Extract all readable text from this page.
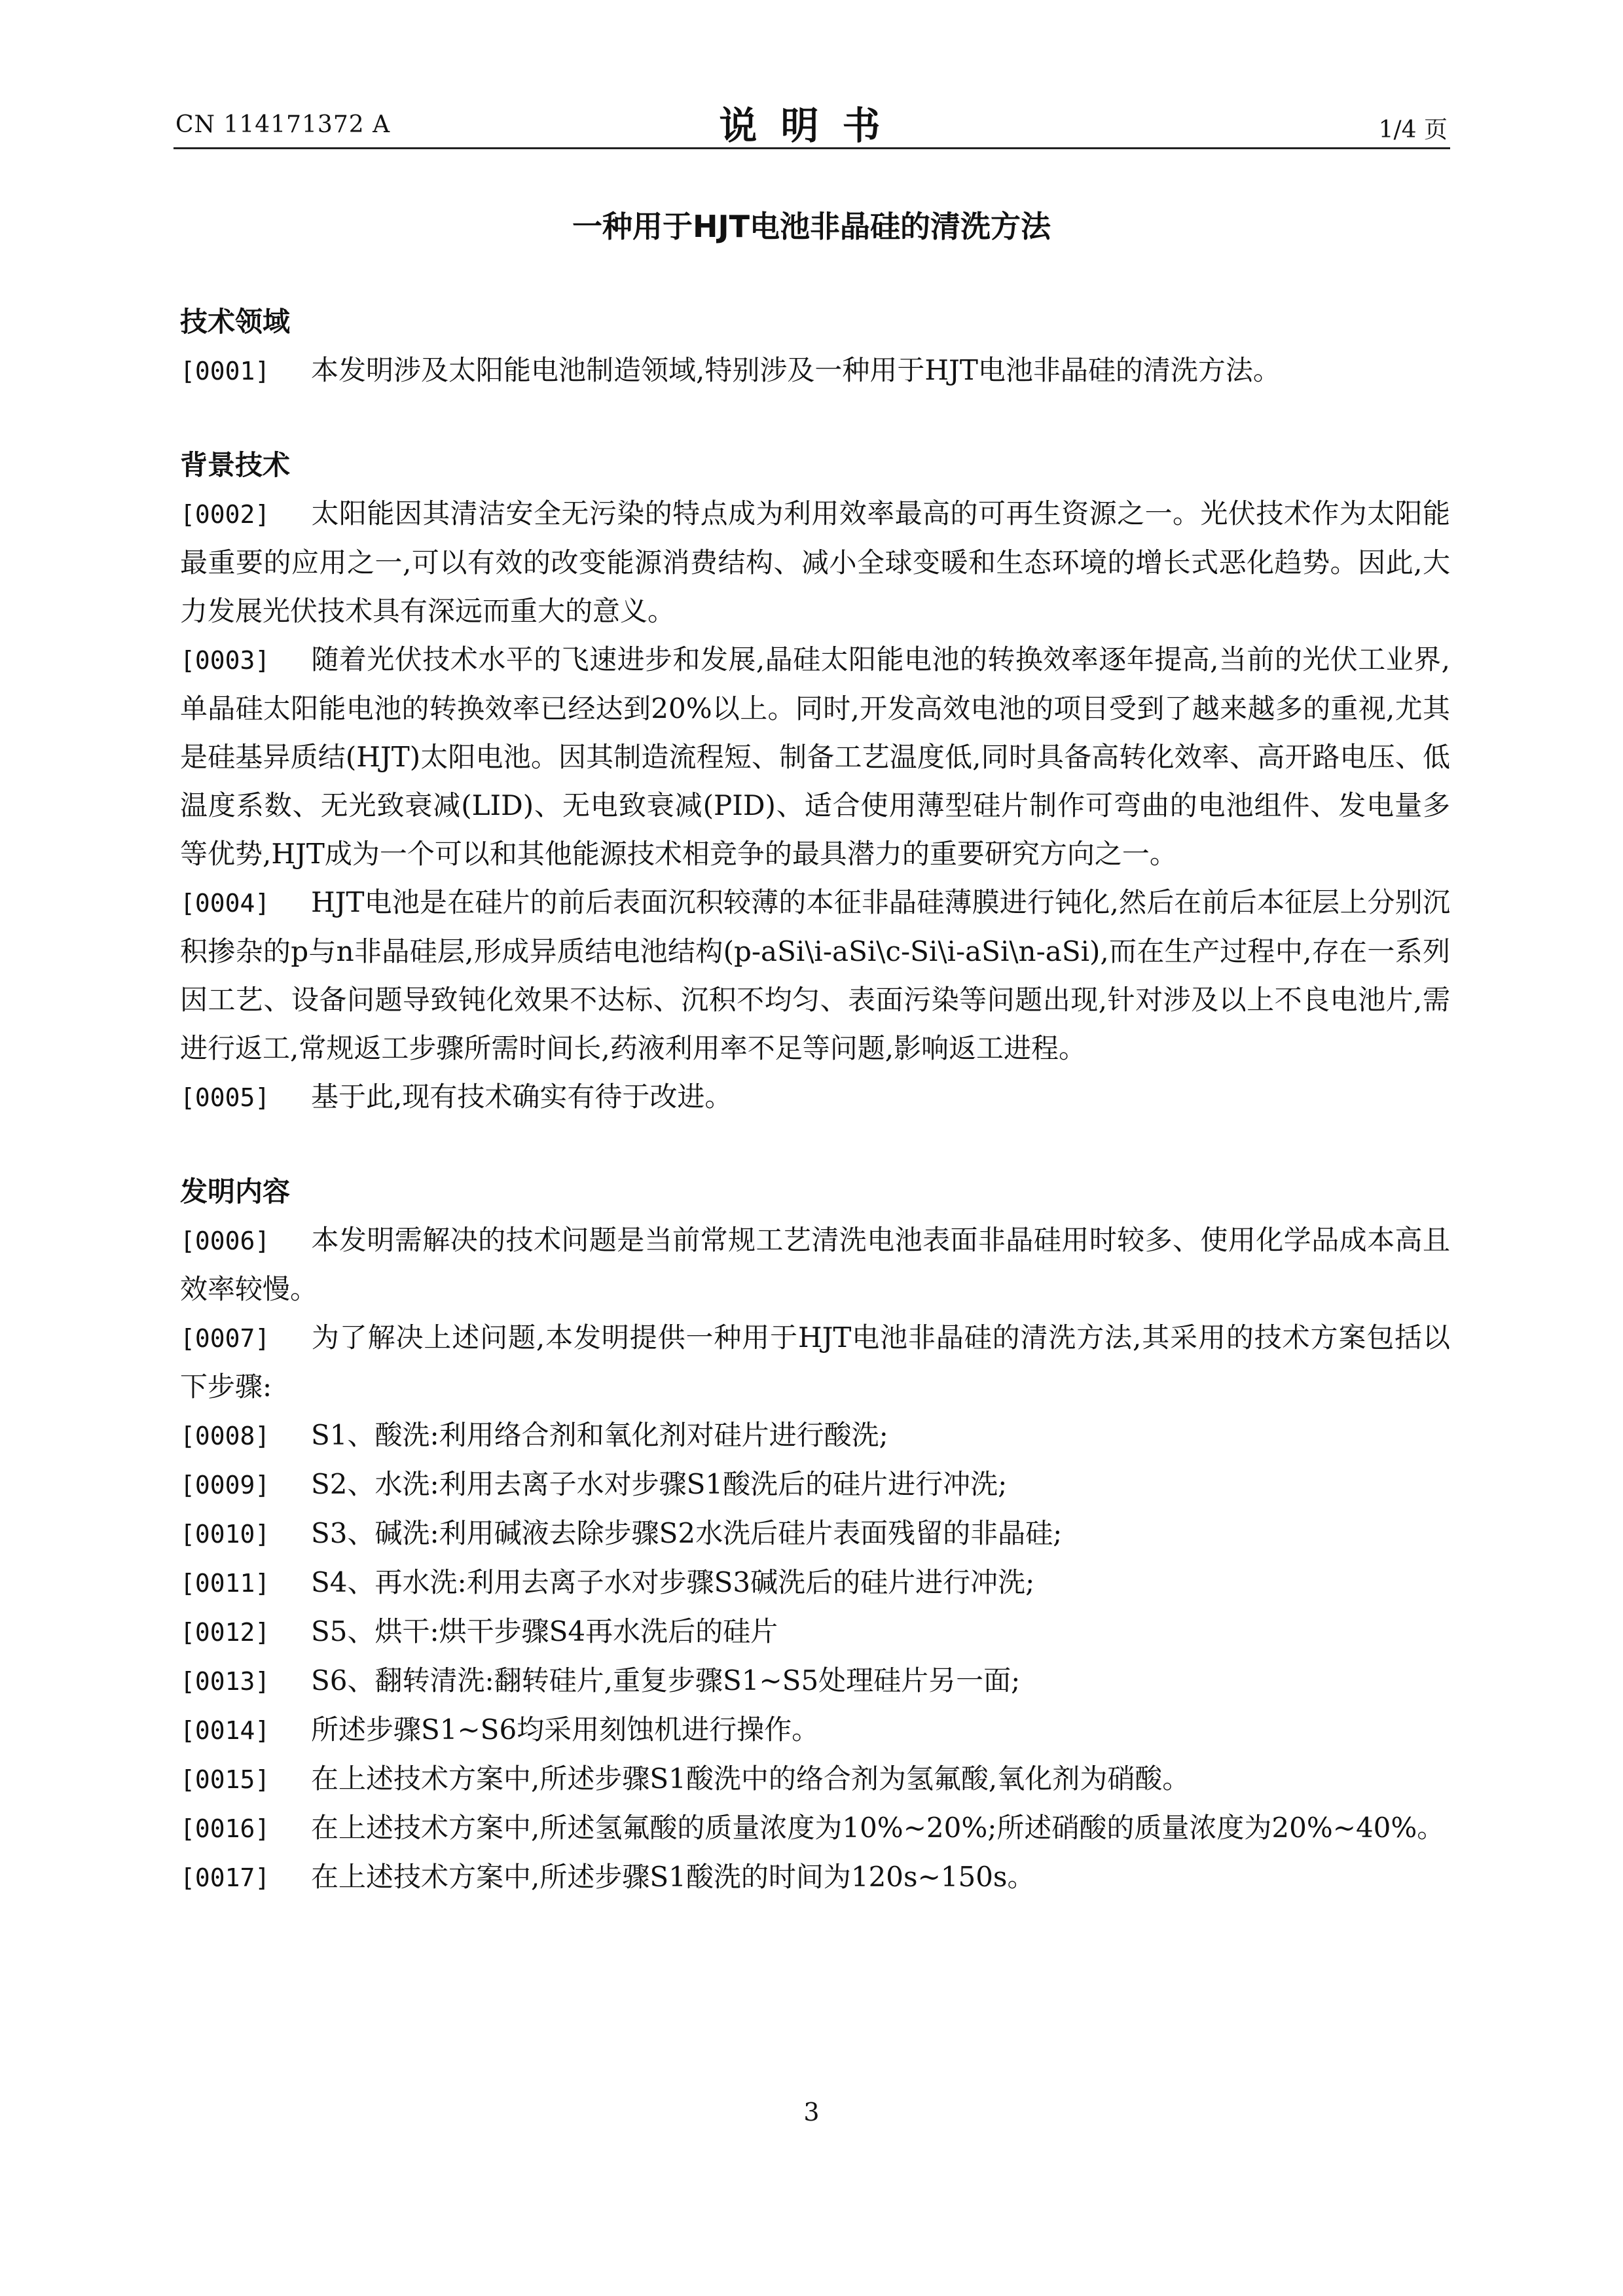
CN 114171372 A	说明书	1/4 页
一种用于HJT电池非晶硅的清洗方法
技术领域

[0001] 本发明涉及太阳能电池制造领域,特别涉及一种用于HJT电池非晶硅的清洗方法。

背景技术

[0002] 太阳能因其清洁安全无污染的特点成为利用效率最高的可再生资源之一。光伏技术作为太阳能最重要的应用之一,可以有效的改变能源消费结构、减小全球变暖和生态环境的增长式恶化趋势。因此,大力发展光伏技术具有深远而重大的意义。

[0003] 随着光伏技术水平的飞速进步和发展,晶硅太阳能电池的转换效率逐年提高,当前的光伏工业界,单晶硅太阳能电池的转换效率已经达到20%以上。同时,开发高效电池的项目受到了越来越多的重视,尤其是硅基异质结(HJT)太阳电池。因其制造流程短、制备工艺温度低,同时具备高转化效率、高开路电压、低温度系数、无光致衰减(LID)、无电致衰减(PID)、适合使用薄型硅片制作可弯曲的电池组件、发电量多等优势,HJT成为一个可以和其他能源技术相竞争的最具潜力的重要研究方向之一。

[0004] HJT电池是在硅片的前后表面沉积较薄的本征非晶硅薄膜进行钝化,然后在前后本征层上分别沉积掺杂的p与n非晶硅层,形成异质结电池结构(p-aSi\i-aSi\c-Si\i-aSi\n-aSi),而在生产过程中,存在一系列因工艺、设备问题导致钝化效果不达标、沉积不均匀、表面污染等问题出现,针对涉及以上不良电池片,需进行返工,常规返工步骤所需时间长,药液利用率不足等问题,影响返工进程。

[0005] 基于此,现有技术确实有待于改进。

发明内容

[0006] 本发明需解决的技术问题是当前常规工艺清洗电池表面非晶硅用时较多、使用化学品成本高且效率较慢。

[0007] 为了解决上述问题,本发明提供一种用于HJT电池非晶硅的清洗方法,其采用的技术方案包括以下步骤:

[0008] S1、酸洗:利用络合剂和氧化剂对硅片进行酸洗;

[0009] S2、水洗:利用去离子水对步骤S1酸洗后的硅片进行冲洗;

[0010] S3、碱洗:利用碱液去除步骤S2水洗后硅片表面残留的非晶硅;

[0011] S4、再水洗:利用去离子水对步骤S3碱洗后的硅片进行冲洗;

[0012] S5、烘干:烘干步骤S4再水洗后的硅片

[0013] S6、翻转清洗:翻转硅片,重复步骤S1~S5处理硅片另一面;

[0014] 所述步骤S1~S6均采用刻蚀机进行操作。

[0015] 在上述技术方案中,所述步骤S1酸洗中的络合剂为氢氟酸,氧化剂为硝酸。

[0016] 在上述技术方案中,所述氢氟酸的质量浓度为10%~20%;所述硝酸的质量浓度为20%~40%。

[0017] 在上述技术方案中,所述步骤S1酸洗的时间为120s~150s。

3
